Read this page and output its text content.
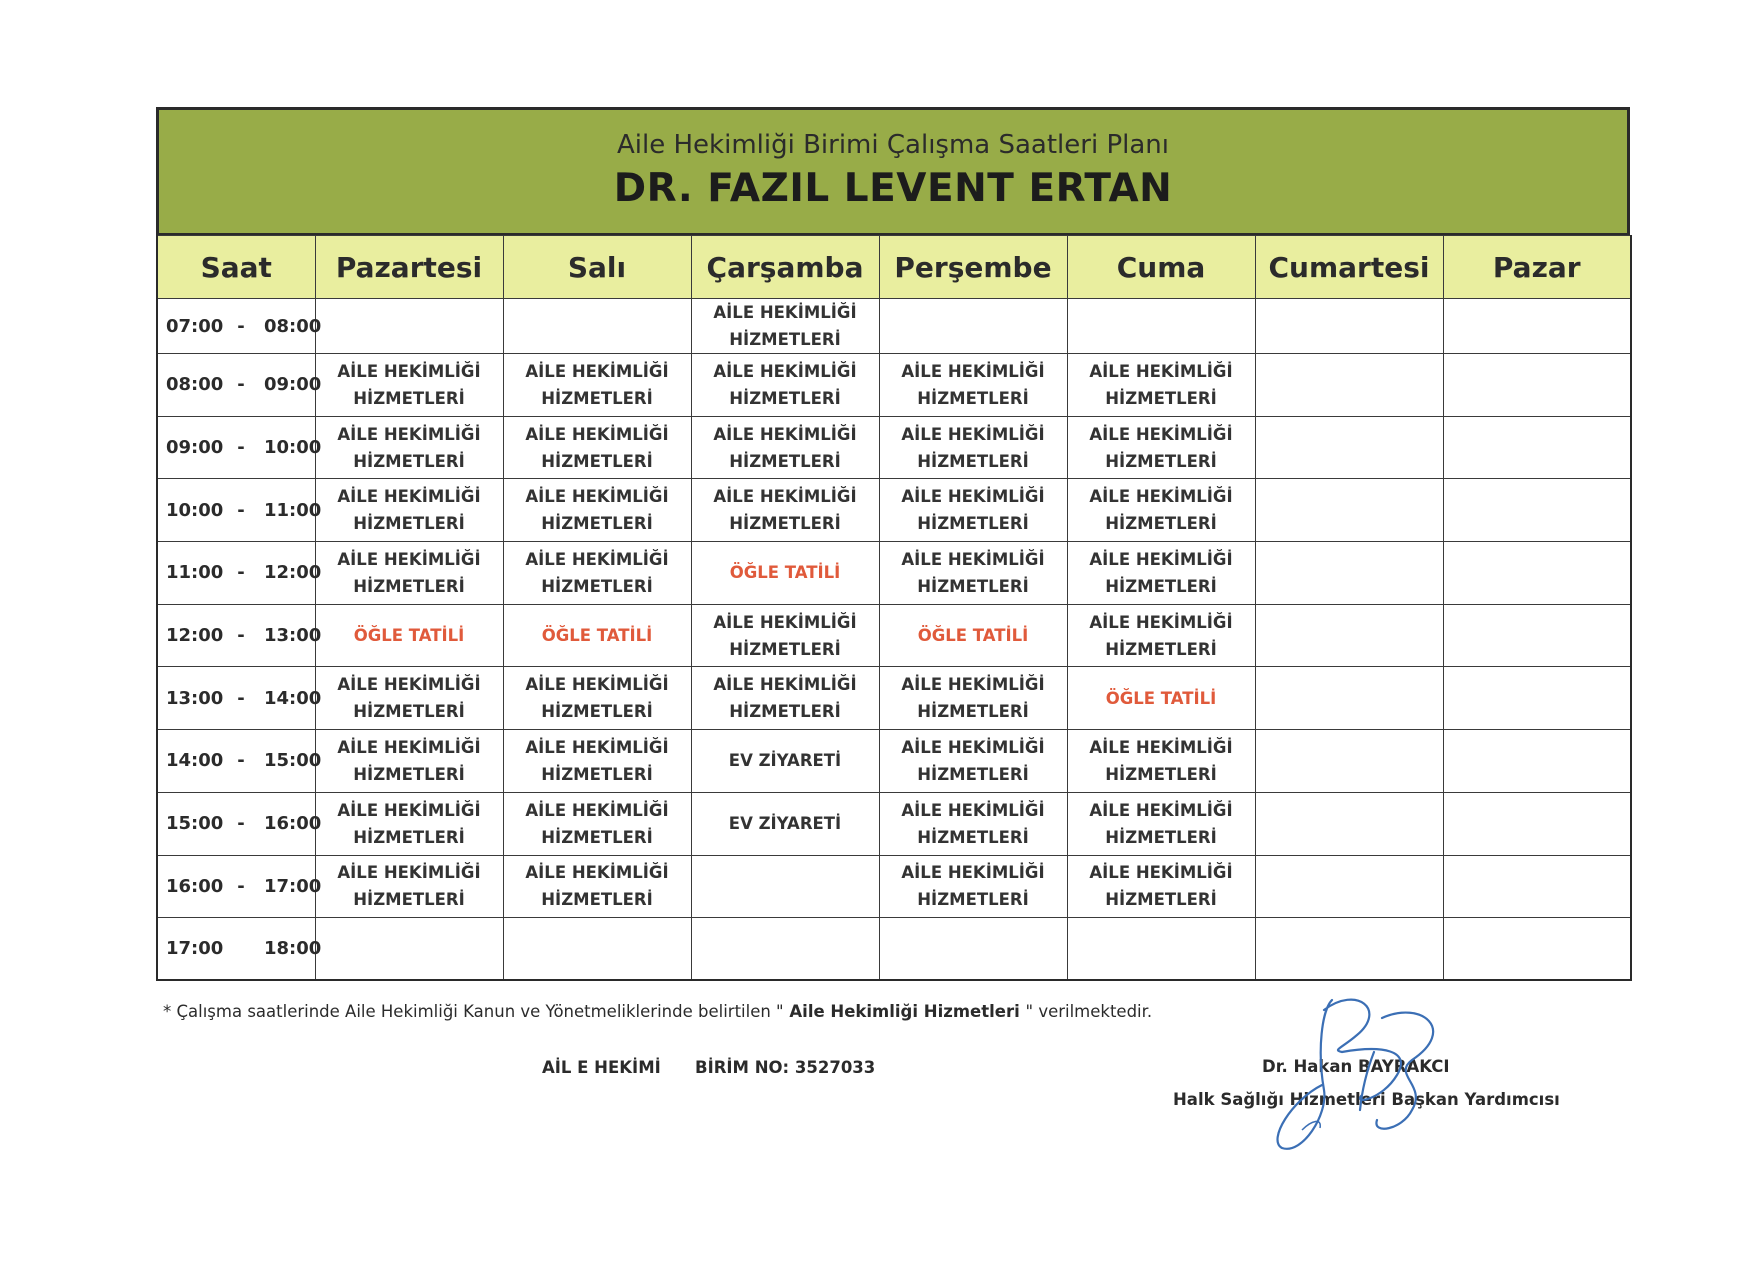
Aile Hekimliği Birimi Çalışma Saatleri Planı
DR. FAZIL LEVENT ERTAN
Saat	Pazartesi	Salı	Çarşamba	Perşembe	Cuma	Cumartesi	Pazar
07:00 - 08:00			AİLE HEKİMLİĞİ HİZMETLERİ				
08:00 - 09:00	AİLE HEKİMLİĞİ HİZMETLERİ	AİLE HEKİMLİĞİ HİZMETLERİ	AİLE HEKİMLİĞİ HİZMETLERİ	AİLE HEKİMLİĞİ HİZMETLERİ	AİLE HEKİMLİĞİ HİZMETLERİ		
09:00 - 10:00	AİLE HEKİMLİĞİ HİZMETLERİ	AİLE HEKİMLİĞİ HİZMETLERİ	AİLE HEKİMLİĞİ HİZMETLERİ	AİLE HEKİMLİĞİ HİZMETLERİ	AİLE HEKİMLİĞİ HİZMETLERİ		
10:00 - 11:00	AİLE HEKİMLİĞİ HİZMETLERİ	AİLE HEKİMLİĞİ HİZMETLERİ	AİLE HEKİMLİĞİ HİZMETLERİ	AİLE HEKİMLİĞİ HİZMETLERİ	AİLE HEKİMLİĞİ HİZMETLERİ		
11:00 - 12:00	AİLE HEKİMLİĞİ HİZMETLERİ	AİLE HEKİMLİĞİ HİZMETLERİ	ÖĞLE TATİLİ	AİLE HEKİMLİĞİ HİZMETLERİ	AİLE HEKİMLİĞİ HİZMETLERİ		
12:00 - 13:00	ÖĞLE TATİLİ	ÖĞLE TATİLİ	AİLE HEKİMLİĞİ HİZMETLERİ	ÖĞLE TATİLİ	AİLE HEKİMLİĞİ HİZMETLERİ		
13:00 - 14:00	AİLE HEKİMLİĞİ HİZMETLERİ	AİLE HEKİMLİĞİ HİZMETLERİ	AİLE HEKİMLİĞİ HİZMETLERİ	AİLE HEKİMLİĞİ HİZMETLERİ	ÖĞLE TATİLİ		
14:00 - 15:00	AİLE HEKİMLİĞİ HİZMETLERİ	AİLE HEKİMLİĞİ HİZMETLERİ	EV ZİYARETİ	AİLE HEKİMLİĞİ HİZMETLERİ	AİLE HEKİMLİĞİ HİZMETLERİ		
15:00 - 16:00	AİLE HEKİMLİĞİ HİZMETLERİ	AİLE HEKİMLİĞİ HİZMETLERİ	EV ZİYARETİ	AİLE HEKİMLİĞİ HİZMETLERİ	AİLE HEKİMLİĞİ HİZMETLERİ		
16:00 - 17:00	AİLE HEKİMLİĞİ HİZMETLERİ	AİLE HEKİMLİĞİ HİZMETLERİ		AİLE HEKİMLİĞİ HİZMETLERİ	AİLE HEKİMLİĞİ HİZMETLERİ		
17:00 18:00							
* Çalışma saatlerinde Aile Hekimliği Kanun ve Yönetmeliklerinde belirtilen " Aile Hekimliği Hizmetleri " verilmektedir.
AİL E HEKİMİ BİRİM NO: 3527033	Dr. Hakan BAYRAKCI
Halk Sağlığı Hizmetleri Başkan Yardımcısı
